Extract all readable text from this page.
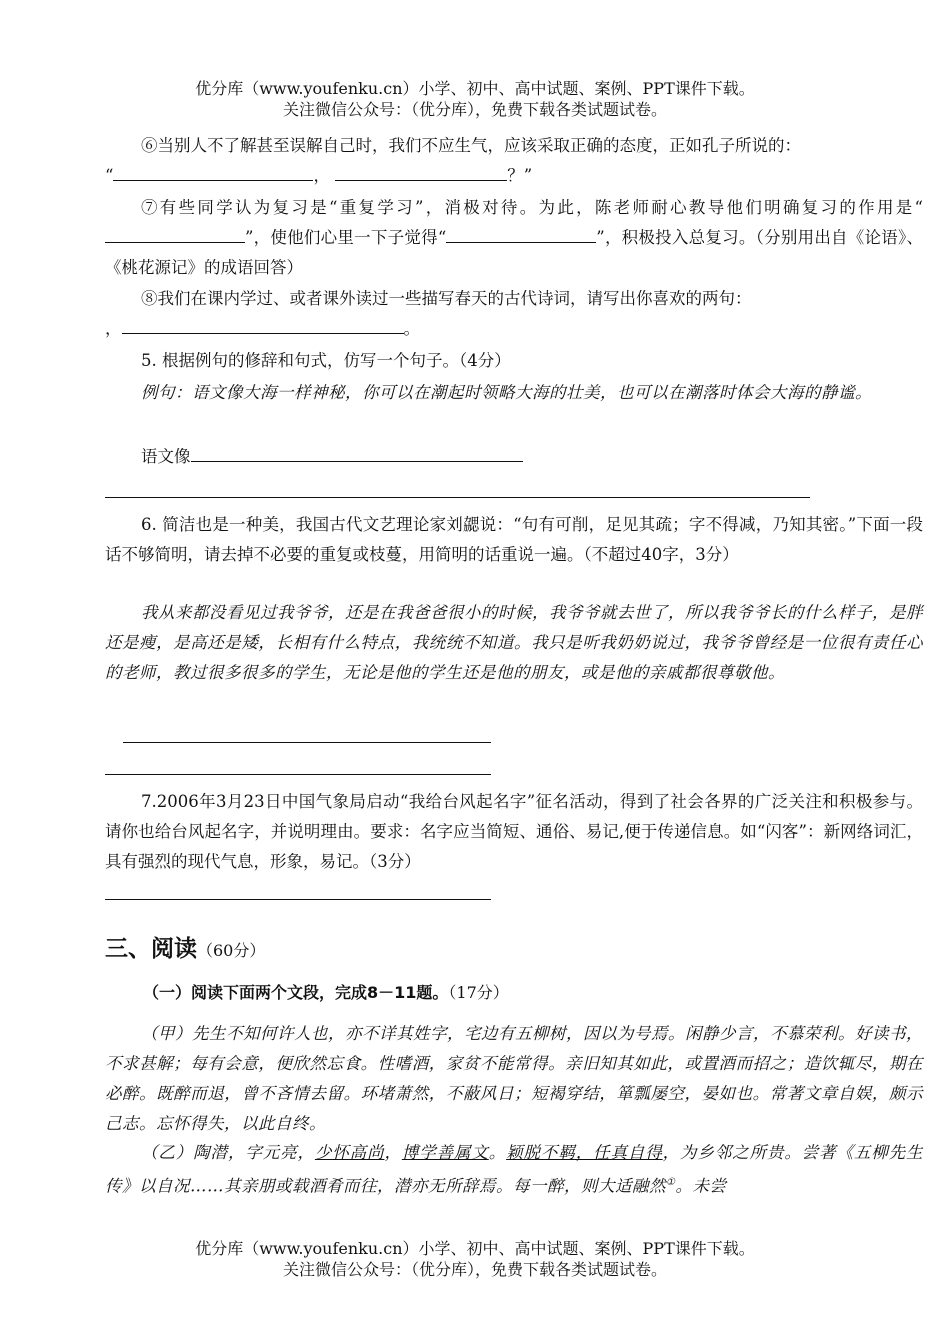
优分库（www.youfenku.cn）小学、初中、高中试题、案例、PPT课件下载。
关注微信公众号：（优分库），免费下载各类试题试卷。
⑥当别人不了解甚至误解自己时，我们不应生气，应该采取正确的态度，正如孔子所说的：
“	，	？”
⑦有些同学认为复习是“重复学习”，消极对待。为此，陈老师耐心教导他们明确复习的作用是“”，使他们心里一下子觉得“	”，积极投入总复习。（分别用出自《论语》、《桃花源记》的成语回答）
⑧我们在课内学过、或者课外读过一些描写春天的古代诗词，请写出你喜欢的两句：
，	。
5. 根据例句的修辞和句式，仿写一个句子。（4分）
例句：语文像大海一样神秘，你可以在潮起时领略大海的壮美，也可以在潮落时体会大海的静谧。
语文像
6. 简洁也是一种美，我国古代文艺理论家刘勰说：“句有可削，足见其疏；字不得减，乃知其密。”下面一段话不够简明，请去掉不必要的重复或枝蔓，用简明的话重说一遍。（不超过40字，3分）
我从来都没看见过我爷爷，还是在我爸爸很小的时候，我爷爷就去世了，所以我爷爷长的什么样子，是胖还是瘦，是高还是矮，长相有什么特点，我统统不知道。我只是听我奶奶说过，我爷爷曾经是一位很有责任心的老师，教过很多很多的学生，无论是他的学生还是他的朋友，或是他的亲戚都很尊敬他。
7.2006年3月23日中国气象局启动“我给台风起名字”征名活动，得到了社会各界的广泛关注和积极参与。请你也给台风起名字，并说明理由。要求：名字应当简短、通俗、易记,便于传递信息。如“闪客”：新网络词汇，具有强烈的现代气息，形象，易记。（3分）
三、阅读（60分）
（一）阅读下面两个文段，完成8－11题。（17分）
（甲）先生不知何许人也，亦不详其姓字，宅边有五柳树，因以为号焉。闲静少言，不慕荣利。好读书，不求甚解；每有会意，便欣然忘食。性嗜酒，家贫不能常得。亲旧知其如此，或置酒而招之；造饮辄尽，期在必醉。既醉而退，曾不吝情去留。环堵萧然，不蔽风日；短褐穿结，箪瓢屡空，晏如也。常著文章自娱，颇示己志。忘怀得失，以此自终。
（乙）陶潜，字元亮，少怀高尚，博学善属文。颖脱不羁，任真自得，为乡邻之所贵。尝著《五柳先生传》以自况……其亲朋或载酒肴而往，潜亦无所辞焉。每一醉，则大适融然①。未尝
优分库（www.youfenku.cn）小学、初中、高中试题、案例、PPT课件下载。
关注微信公众号：（优分库），免费下载各类试题试卷。
